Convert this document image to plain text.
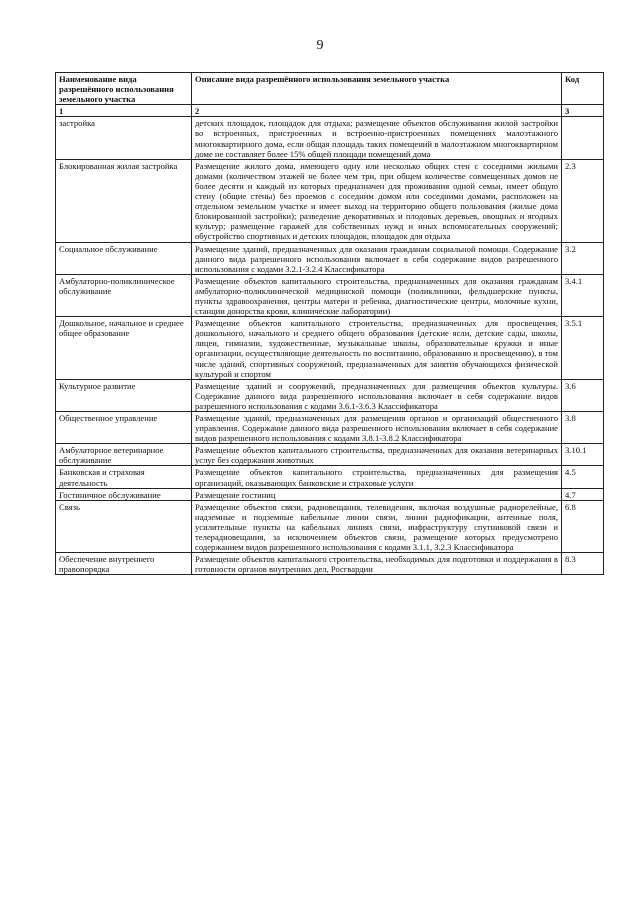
9
Наименование вида разрешённого использования земельного участка	Описание вида разрешённого использования земельного участка	Код
1	2	3
застройка	детских площадок, площадок для отдыха; размещение объектов обслуживания жилой застройки во встроенных, пристроенных и встроенно-пристроенных помещениях малоэтажного многоквартирного дома, если общая площадь таких помещений в малоэтажном многоквартирном доме не составляет более 15% общей площади помещений дома	
Блокированная жилая застройка	Размещение жилого дома, имеющего одну или несколько общих стен с соседними жилыми домами (количеством этажей не более чем три, при общем количестве совмещенных домов не более десяти и каждый из которых предназначен для проживания одной семьи, имеет общую стену (общие стены) без проемов с соседним домом или соседними домами, расположен на отдельном земельном участке и имеет выход на территорию общего пользования (жилые дома блокированной застройки); разведение декоративных и плодовых деревьев, овощных и ягодных культур; размещение гаражей для собственных нужд и иных вспомогательных сооружений; обустройство спортивных и детских площадок, площадок для отдыха	2.3
Социальное обслуживание	Размещение зданий, предназначенных для оказания гражданам социальной помощи. Содержание данного вида разрешенного использования включает в себя содержание видов разрешенного использования с кодами 3.2.1-3.2.4 Классификатора	3.2
Амбулаторно-поликлиническое обслуживание	Размещение объектов капитального строительства, предназначенных для оказания гражданам амбулаторно-поликлинической медицинской помощи (поликлиники, фельдшерские пункты, пункты здравоохранения, центры матери и ребенка, диагностические центры, молочные кухни, станции донорства крови, клинические лаборатории)	3.4.1
Дошкольное, начальное и среднее общее образование	Размещение объектов капитального строительства, предназначенных для просвещения, дошкольного, начального и среднего общего образования (детские ясли, детские сады, школы, лицеи, гимназии, художественные, музыкальные школы, образовательные кружки и иные организации, осуществляющие деятельность по воспитанию, образованию и просвещению), в том числе зданий, спортивных сооружений, предназначенных для занятия обучающихся физической культурой и спортом	3.5.1
Культурное развитие	Размещение зданий и сооружений, предназначенных для размещения объектов культуры. Содержание данного вида разрешенного использования включает в себя содержание видов разрешенного использования с кодами 3.6.1-3.6.3 Классификатора	3.6
Общественное управление	Размещение зданий, предназначенных для размещения органов и организаций общественного управления. Содержание данного вида разрешенного использования включает в себя содержание видов разрешенного использования с кодами 3.8.1-3.8.2 Классификатора	3.8
Амбулаторное ветеринарное обслуживание	Размещение объектов капитального строительства, предназначенных для оказания ветеринарных услуг без содержания животных	3.10.1
Банковская и страховая деятельность	Размещение объектов капитального строительства, предназначенных для размещения организаций, оказывающих банковские и страховые услуги	4.5
Гостиничное обслуживание	Размещение гостиниц	4.7
Связь	Размещение объектов связи, радиовещания, телевидения, включая воздушные радиорелейные, надземные и подземные кабельные линии связи, линии радиофикации, антенные поля, усилительные пункты на кабельных линиях связи, инфраструктуру спутниковой связи и телерадиовещания, за исключением объектов связи, размещение которых предусмотрено содержанием видов разрешенного использования с кодами 3.1.1, 3.2.3 Классификатора	6.8
Обеспечение внутреннего правопорядка	Размещение объектов капитального строительства, необходимых для подготовки и поддержания в готовности органов внутренних дел, Росгвардии	8.3
